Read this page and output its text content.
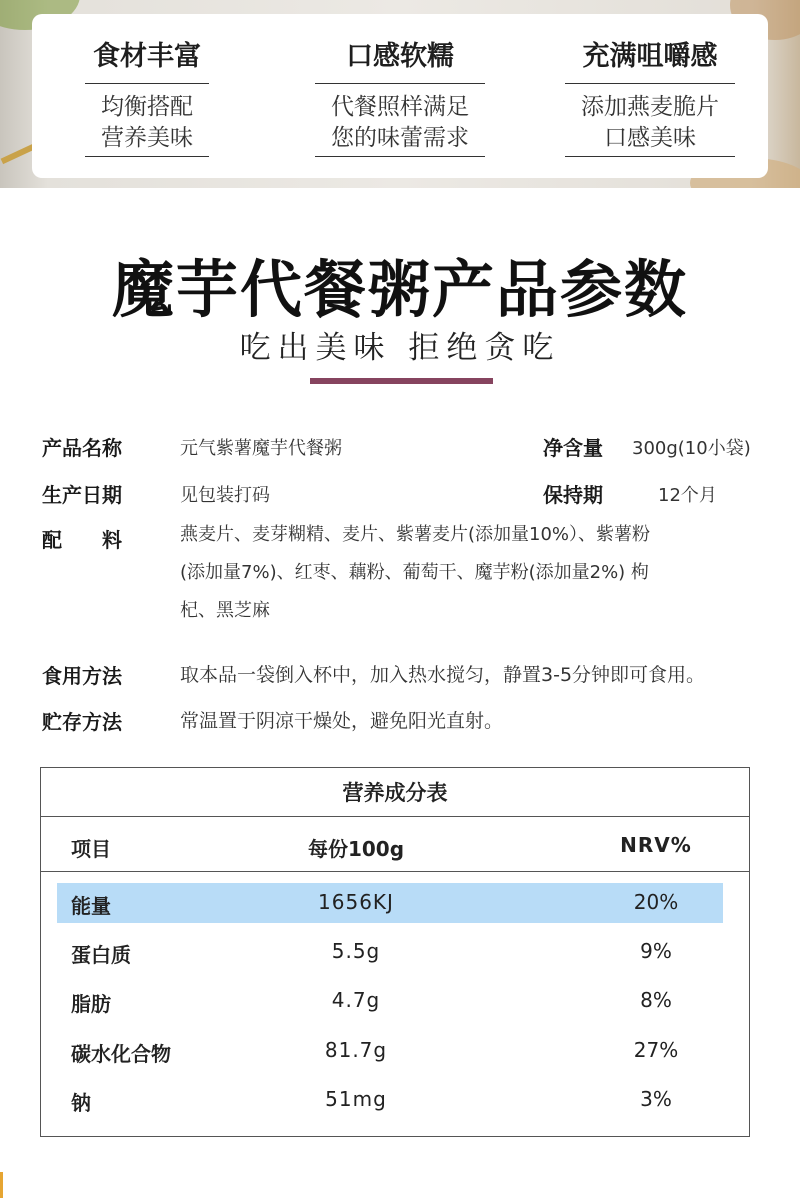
食材丰富
均衡搭配
营养美味
口感软糯
代餐照样满足
您的味蕾需求
充满咀嚼感
添加燕麦脆片
口感美味
魔芋代餐粥产品参数
吃出美味 拒绝贪吃
产品名称	元气紫薯魔芋代餐粥	净含量 300g(10小袋)
生产日期	见包装打码	保持期	12个月
配　　料	燕麦片、麦芽糊精、麦片、紫薯麦片(添加量10%）、紫薯粉
(添加量7%)、红枣、藕粉、葡萄干、魔芋粉(添加量2%) 枸
杞、黑芝麻
食用方法	取本品一袋倒入杯中，加入热水搅匀，静置3-5分钟即可食用。
贮存方法	常温置于阴凉干燥处，避免阳光直射。
营养成分表
项目	每份100g	NRV%
能量	1656KJ	20%
蛋白质	5.5g	9%
脂肪	4.7g	8%
碳水化合物	81.7g	27%
钠	51mg	3%
